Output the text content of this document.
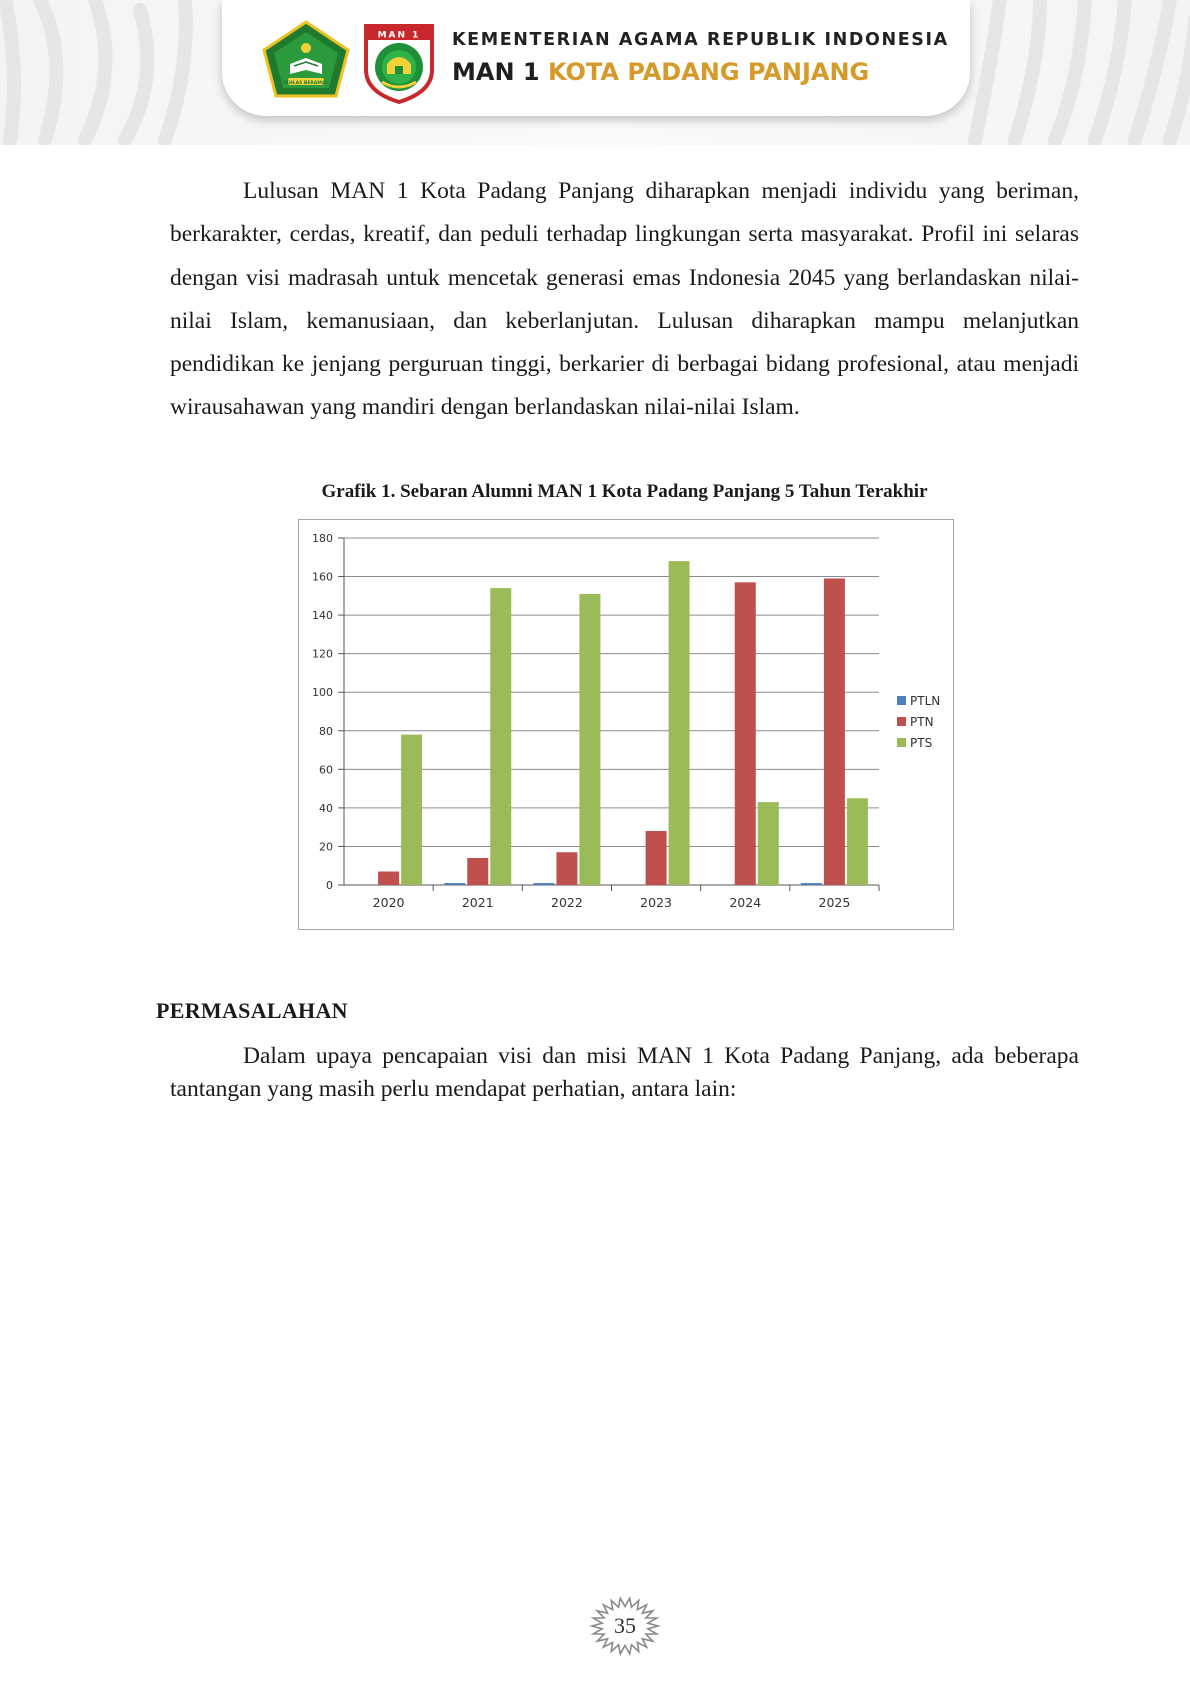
IKHLAS BERAMAL
MAN 1 KEMENTERIAN AGAMA REPUBLIK INDONESIA
MAN 1 KOTA PADANG PANJANG

Lulusan MAN 1 Kota Padang Panjang diharapkan menjadi individu yang beriman, berkarakter, cerdas, kreatif, dan peduli terhadap lingkungan serta masyarakat. Profil ini selaras dengan visi madrasah untuk mencetak generasi emas Indonesia 2045 yang berlandaskan nilai-nilai Islam, kemanusiaan, dan keberlanjutan. Lulusan diharapkan mampu melanjutkan pendidikan ke jenjang perguruan tinggi, berkarier di berbagai bidang profesional, atau menjadi wirausahawan yang mandiri dengan berlandaskan nilai-nilai Islam.

Grafik 1. Sebaran Alumni MAN 1 Kota Padang Panjang 5 Tahun Terakhir
0
20
40
60
80
100
120
140
160
180
2020	2021	2022	2023	2024	2025
PTLN
PTN
PTS
PERMASALAHAN

Dalam upaya pencapaian visi dan misi MAN 1 Kota Padang Panjang, ada beberapa tantangan yang masih perlu mendapat perhatian, antara lain:

35
